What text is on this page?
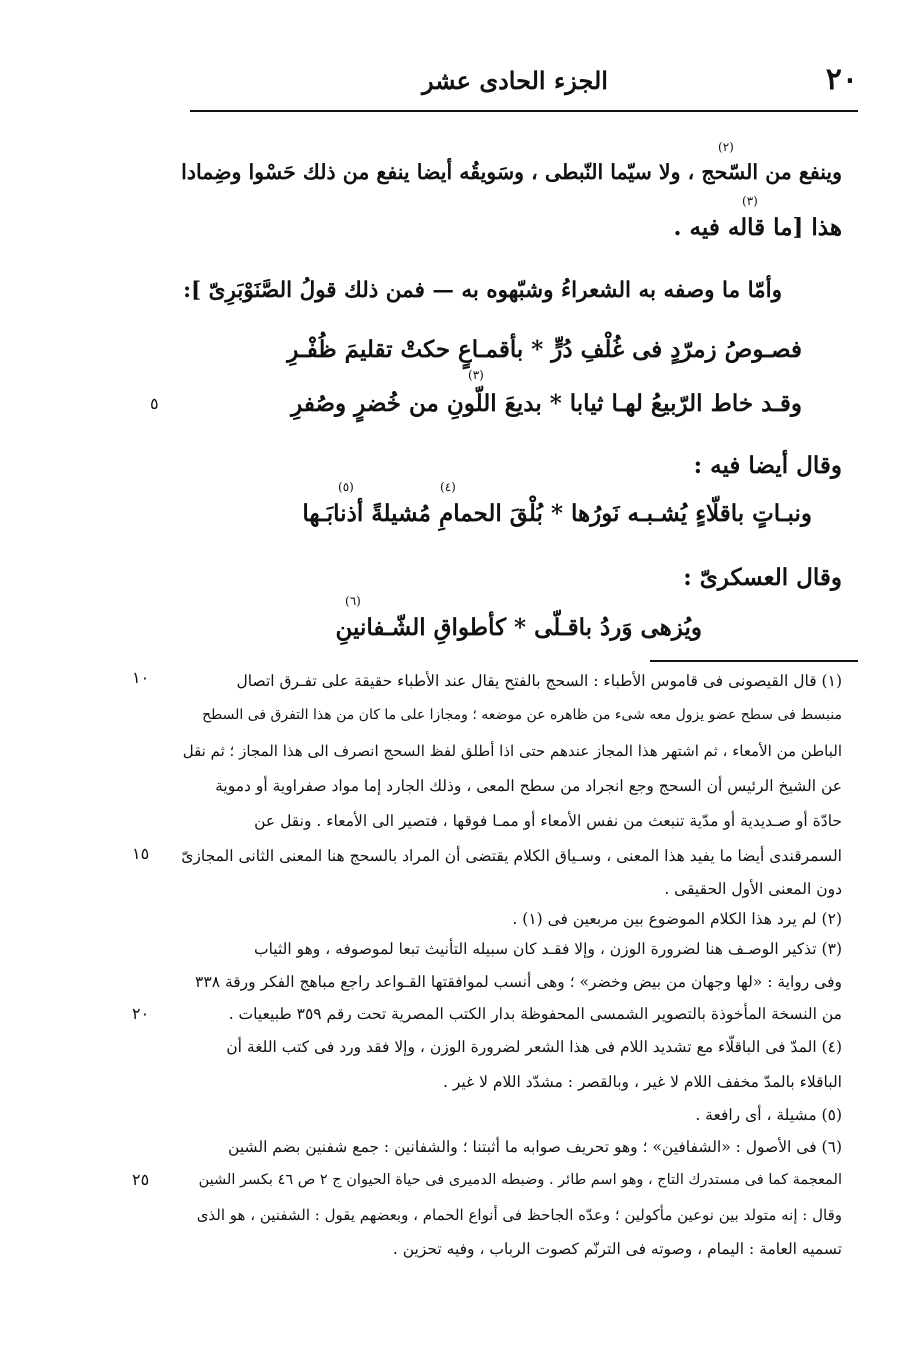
٢٠
الجزء الحادى عشر
وينفع من السّحج ، ولا سيّما النّبطى ، وسَويقُه أيضا ينفع من ذلك حَسْوا وضِمادا
(٢)
(٣)
هذا [ما قاله فيه .
وأمّا ما وصفه به الشعراءُ وشبّهوه به — فمن ذلك قولُ الصَّنَوْبَرِىّ ]:
فصـوصُ زمرّدٍ فى غُلْفِ دُرٍّ * بأقمـاعٍ حكتْ تقليمَ ظُفْـرِ
(٣)
وقـد خاط الرّبيعُ لهـا ثيابا * بديعَ اللّونِ من خُضرٍ وصُفرِ
وقال أيضا فيه :
(٤)
(٥)
ونبـاتٍ باقلّاءٍ يُشـبـه نَورُها * بُلْقَ الحمامِ مُشيلةً أذنابَـها
وقال العسكرىّ :
(٦)
ويُزهى وَردُ باقـلّى * كأطواقِ الشّـفانينِ
(١) قال القيصونى فى قاموس الأطباء : السحج بالفتح يقال عند الأطباء حقيقة على تفـرق اتصال
منبسط فى سطح عضو يزول معه شىء من ظاهره عن موضعه ؛ ومجازا على ما كان من هذا التفرق فى السطح
الباطن من الأمعاء ، ثم اشتهر هذا المجاز عندهم حتى اذا أطلق لفظ السحج انصرف الى هذا المجاز ؛ ثم نقل
عن الشيخ الرئيس أن السحج وجع انجراد من سطح المعى ، وذلك الجارد إما مواد صفراوية أو دموية
حادّة أو صـديدية أو مدّية تنبعث من نفس الأمعاء أو ممـا فوقها ، فتصير الى الأمعاء . ونقل عن
السمرقندى أيضا ما يفيد هذا المعنى ، وسـياق الكلام يقتضى أن المراد بالسحج هنا المعنى الثانى المجازىّ
دون المعنى الأول الحقيقى .
(٢) لم يرد هذا الكلام الموضوع بين مربعين فى (١) .
(٣) تذكير الوصـف هنا لضرورة الوزن ، وإلا فقـد كان سبيله التأنيث تبعا لموصوفه ، وهو الثياب
وفى رواية : «لها وجهان من بيض وخضر» ؛ وهى أنسب لموافقتها القـواعد راجع مباهج الفكر ورقة ٣٣٨
من النسخة المأخوذة بالتصوير الشمسى المحفوظة بدار الكتب المصرية تحت رقم ٣٥٩ طبيعيات .
(٤) المدّ فى الباقلّاء مع تشديد اللام فى هذا الشعر لضرورة الوزن ، وإلا فقد ورد فى كتب اللغة أن
الباقلاء بالمدّ مخفف اللام لا غير ، وبالقصر : مشدّد اللام لا غير .
(٥) مشيلة ، أى رافعة .
(٦) فى الأصول : «الشفافين» ؛ وهو تحريف صوابه ما أثبتنا ؛ والشفانين : جمع شفنين بضم الشين
المعجمة كما فى مستدرك التاج ، وهو اسم طائر . وضبطه الدميرى فى حياة الحيوان ج ٢ ص ٤٦ بكسر الشين
وقال : إنه متولد بين نوعين مأكولين ؛ وعدّه الجاحظ فى أنواع الحمام ، وبعضهم يقول : الشفنين ، هو الذى
تسميه العامة : اليمام ، وصوته فى الترنّم كصوت الرباب ، وفيه تحزين .
٥
١٠
١٥
٢٠
٢٥
